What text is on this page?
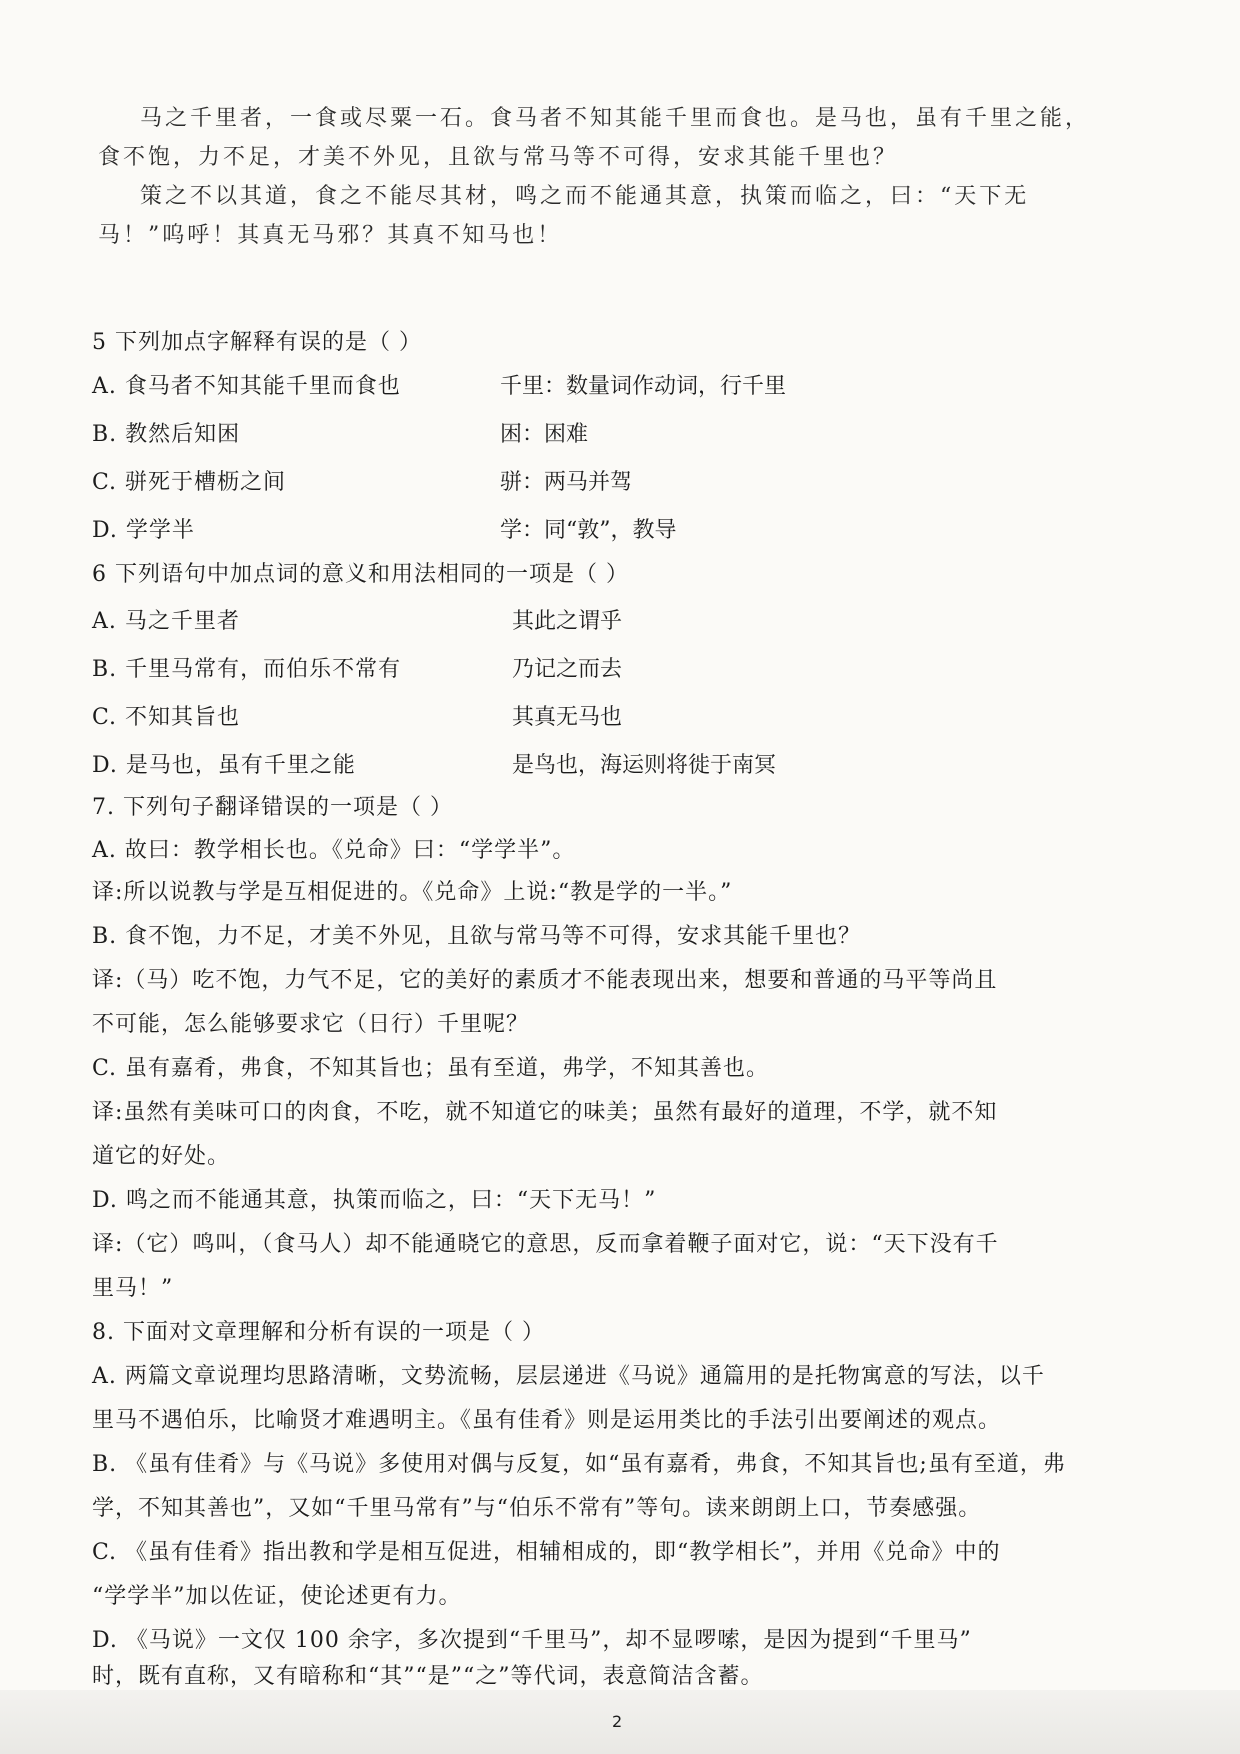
马之千里者，一食或尽粟一石。食马者不知其能千里而食也。是马也，虽有千里之能，
食不饱，力不足，才美不外见，且欲与常马等不可得，安求其能千里也？
策之不以其道，食之不能尽其材，鸣之而不能通其意，执策而临之，曰：“天下无
马！”呜呼！其真无马邪？其真不知马也！
5 下列加点字解释有误的是（ ）
A. 食马者不知其能千里而食也	千里：数量词作动词，行千里
B. 教然后知困	困：困难
C. 骈死于槽枥之间	骈：两马并驾
D. 学学半	学：同“敦”，教导
6 下列语句中加点词的意义和用法相同的一项是（ ）
A. 马之千里者	其此之谓乎
B. 千里马常有，而伯乐不常有	乃记之而去
C. 不知其旨也	其真无马也
D. 是马也，虽有千里之能	是鸟也，海运则将徙于南冥
7. 下列句子翻译错误的一项是（ ）
A. 故曰：教学相长也。《兑命》曰：“学学半”。
译:所以说教与学是互相促进的。《兑命》上说:“教是学的一半。”
B. 食不饱，力不足，才美不外见，且欲与常马等不可得，安求其能千里也？
译:（马）吃不饱，力气不足，它的美好的素质才不能表现出来，想要和普通的马平等尚且
不可能，怎么能够要求它（日行）千里呢？
C. 虽有嘉肴，弗食，不知其旨也；虽有至道，弗学，不知其善也。
译:虽然有美味可口的肉食，不吃，就不知道它的味美；虽然有最好的道理，不学，就不知
道它的好处。
D. 鸣之而不能通其意，执策而临之，曰：“天下无马！”
译:（它）鸣叫，（食马人）却不能通晓它的意思，反而拿着鞭子面对它，说：“天下没有千
里马！”
8. 下面对文章理解和分析有误的一项是（ ）
A. 两篇文章说理均思路清晰，文势流畅，层层递进《马说》通篇用的是托物寓意的写法，以千
里马不遇伯乐，比喻贤才难遇明主。《虽有佳肴》则是运用类比的手法引出要阐述的观点。
B. 《虽有佳肴》与《马说》多使用对偶与反复，如“虽有嘉肴，弗食，不知其旨也;虽有至道，弗
学，不知其善也”，又如“千里马常有”与“伯乐不常有”等句。读来朗朗上口，节奏感强。
C. 《虽有佳肴》指出教和学是相互促进，相辅相成的，即“教学相长”，并用《兑命》中的
“学学半”加以佐证，使论述更有力。
D. 《马说》一文仅 100 余字，多次提到“千里马”，却不显啰嗦，是因为提到“千里马”
时，既有直称，又有暗称和“其”“是”“之”等代词，表意简洁含蓄。
2
